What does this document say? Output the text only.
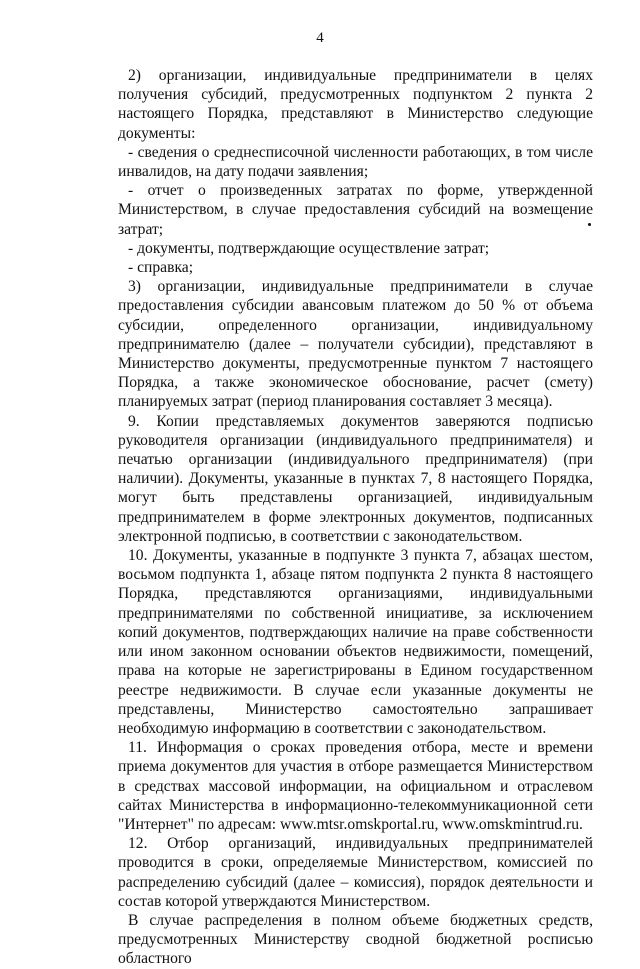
4

2) организации, индивидуальные предприниматели в целях получения субсидий, предусмотренных подпунктом 2 пункта 2 настоящего Порядка, представляют в Министерство следующие документы:

- сведения о среднесписочной численности работающих, в том числе инвалидов, на дату подачи заявления;

- отчет о произведенных затратах по форме, утвержденной Министерством, в случае предоставления субсидий на возмещение затрат;

- документы, подтверждающие осуществление затрат;

- справка;

3) организации, индивидуальные предприниматели в случае предоставления субсидии авансовым платежом до 50 % от объема субсидии, определенного организации, индивидуальному предпринимателю (далее – получатели субсидии), представляют в Министерство документы, предусмотренные пунктом 7 настоящего Порядка, а также экономическое обоснование, расчет (смету) планируемых затрат (период планирования составляет 3 месяца).

9. Копии представляемых документов заверяются подписью руководителя организации (индивидуального предпринимателя) и печатью организации (индивидуального предпринимателя) (при наличии). Документы, указанные в пунктах 7, 8 настоящего Порядка, могут быть представлены организацией, индивидуальным предпринимателем в форме электронных документов, подписанных электронной подписью, в соответствии с законодательством.

10. Документы, указанные в подпункте 3 пункта 7, абзацах шестом, восьмом подпункта 1, абзаце пятом подпункта 2 пункта 8 настоящего Порядка, представляются организациями, индивидуальными предпринимателями по собственной инициативе, за исключением копий документов, подтверждающих наличие на праве собственности или ином законном основании объектов недвижимости, помещений, права на которые не зарегистрированы в Едином государственном реестре недвижимости. В случае если указанные документы не представлены, Министерство самостоятельно запрашивает необходимую информацию в соответствии с законодательством.

11. Информация о сроках проведения отбора, месте и времени приема документов для участия в отборе размещается Министерством в средствах массовой информации, на официальном и отраслевом сайтах Министерства в информационно-телекоммуникационной сети "Интернет" по адресам: www.mtsr.omskportal.ru, www.omskmintrud.ru.

12. Отбор организаций, индивидуальных предпринимателей проводится в сроки, определяемые Министерством, комиссией по распределению субсидий (далее – комиссия), порядок деятельности и состав которой утверждаются Министерством.

В случае распределения в полном объеме бюджетных средств, предусмотренных Министерству сводной бюджетной росписью областного
